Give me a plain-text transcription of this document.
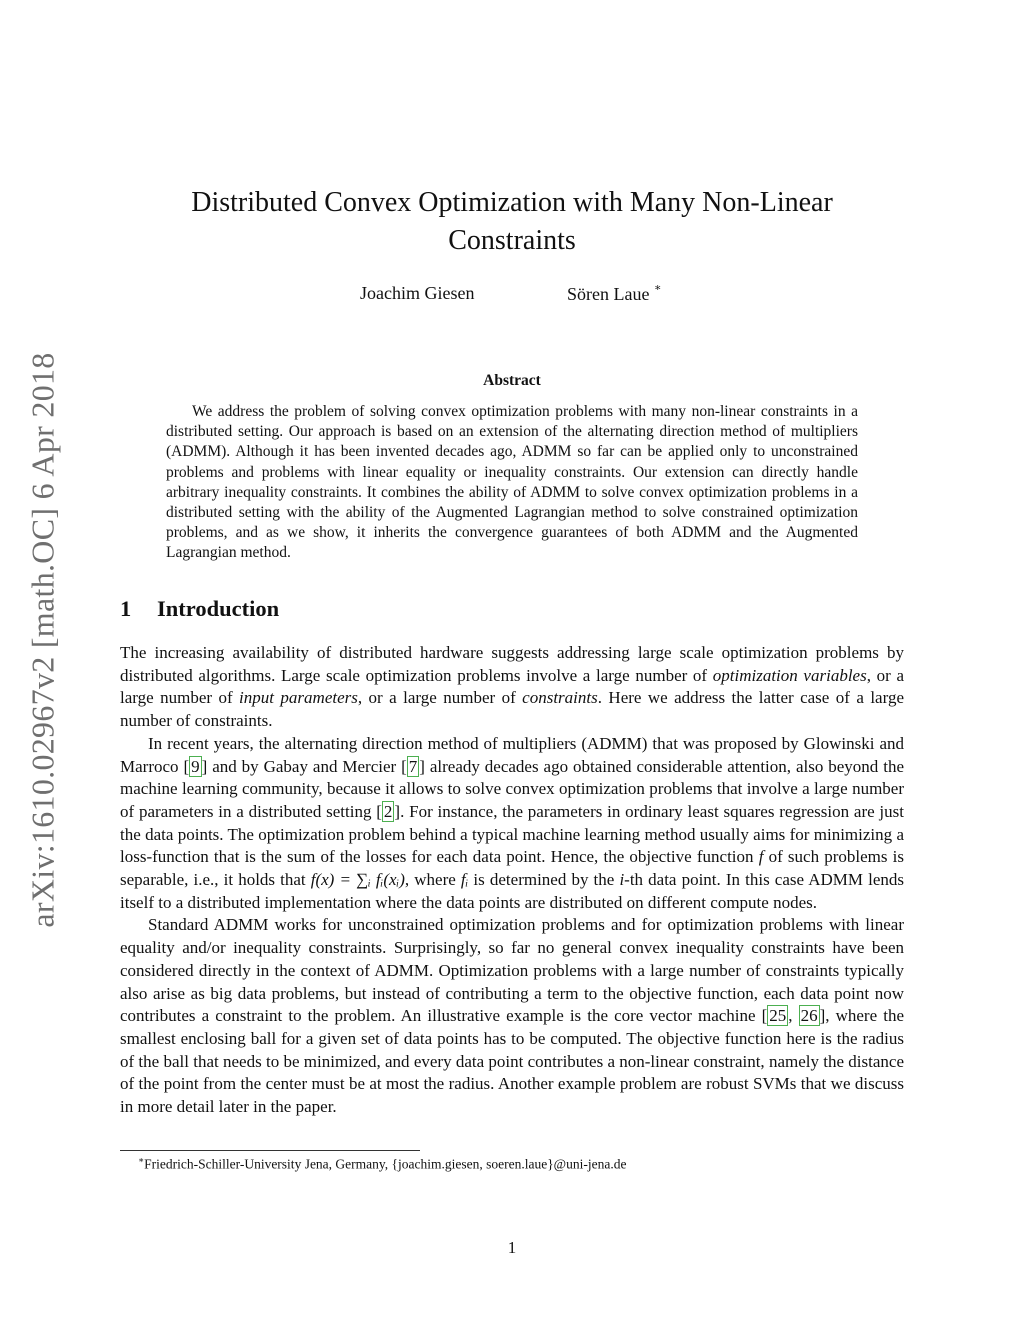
arXiv:1610.02967v2 [math.OC] 6 Apr 2018
Distributed Convex Optimization with Many Non-Linear Constraints
Joachim Giesen	Sören Laue ∗
Abstract
We address the problem of solving convex optimization problems with many non-linear constraints in a distributed setting. Our approach is based on an extension of the alternating direction method of multipliers (ADMM). Although it has been invented decades ago, ADMM so far can be applied only to unconstrained problems and problems with linear equality or inequality constraints. Our extension can directly handle arbitrary inequality constraints. It combines the ability of ADMM to solve convex optimization problems in a distributed setting with the ability of the Augmented Lagrangian method to solve constrained optimization problems, and as we show, it inherits the convergence guarantees of both ADMM and the Augmented Lagrangian method.
1 Introduction

The increasing availability of distributed hardware suggests addressing large scale optimization problems by distributed algorithms. Large scale optimization problems involve a large number of optimization variables, or a large number of input parameters, or a large number of constraints. Here we address the latter case of a large number of constraints.

In recent years, the alternating direction method of multipliers (ADMM) that was proposed by Glowinski and Marroco [ 9 ] and by Gabay and Mercier [ 7 ] already decades ago obtained considerable attention, also beyond the machine learning community, because it allows to solve convex optimization problems that involve a large number of parameters in a distributed setting [ 2 ]. For instance, the parameters in ordinary least squares regression are just the data points. The optimization problem behind a typical machine learning method usually aims for minimizing a loss-function that is the sum of the losses for each data point. Hence, the objective function f of such problems is separable, i.e., it holds that f(x) = ∑ᵢ fᵢ(xᵢ), where fᵢ is determined by the i-th data point. In this case ADMM lends itself to a distributed implementation where the data points are distributed on different compute nodes.

Standard ADMM works for unconstrained optimization problems and for optimization problems with linear equality and/or inequality constraints. Surprisingly, so far no general convex inequality constraints have been considered directly in the context of ADMM. Optimization problems with a large number of constraints typically also arise as big data problems, but instead of contributing a term to the objective function, each data point now contributes a constraint to the problem. An illustrative example is the core vector machine [ 25 , 26 ], where the smallest enclosing ball for a given set of data points has to be computed. The objective function here is the radius of the ball that needs to be minimized, and every data point contributes a non-linear constraint, namely the distance of the point from the center must be at most the radius. Another example problem are robust SVMs that we discuss in more detail later in the paper.

∗Friedrich-Schiller-University Jena, Germany, {joachim.giesen, soeren.laue}@uni-jena.de
1
